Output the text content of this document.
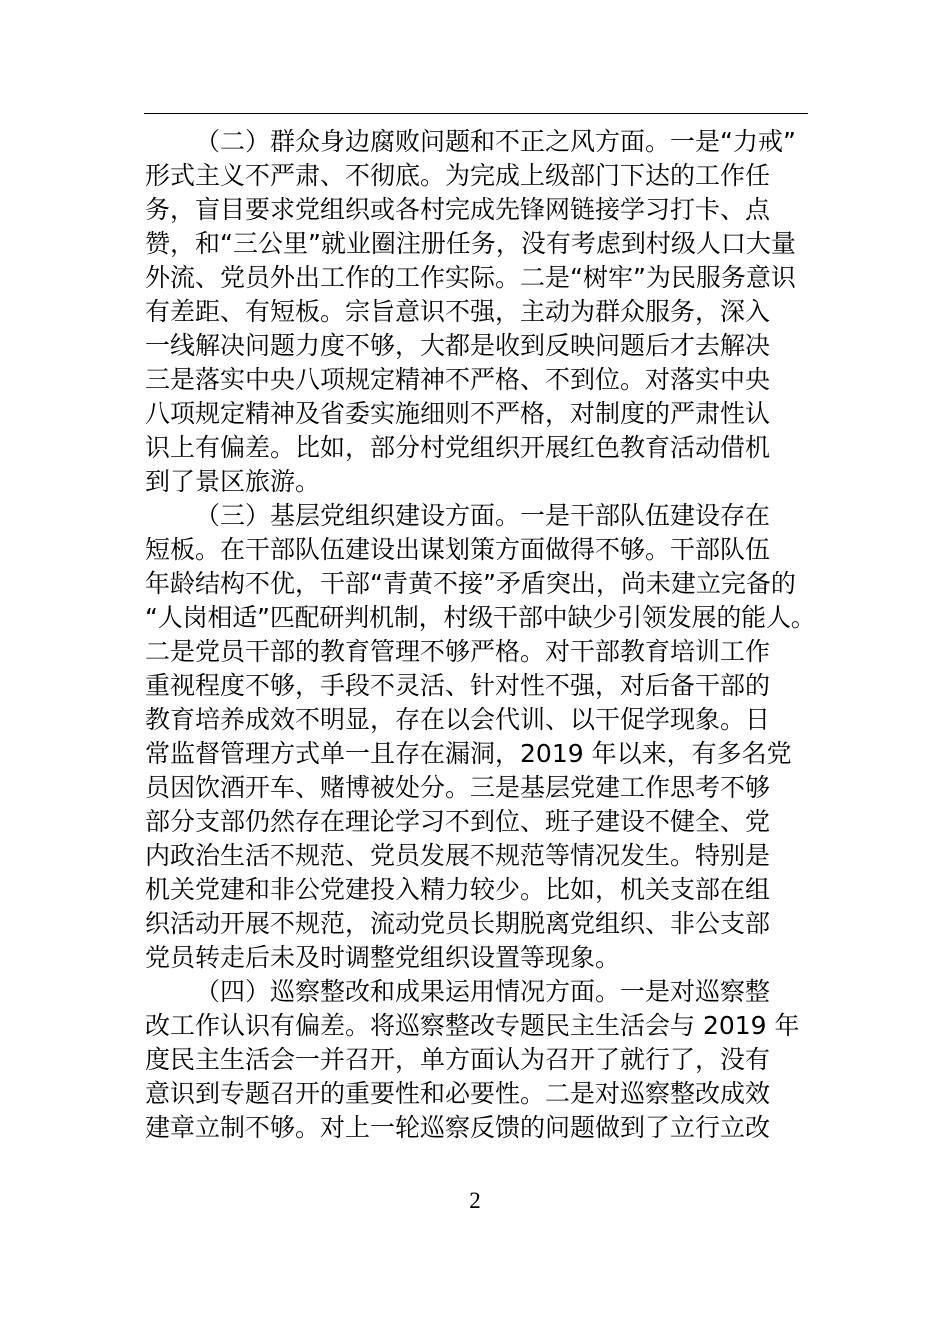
（二）群众身边腐败问题和不正之风方面。一是“力戒”
形式主义不严肃、不彻底。为完成上级部门下达的工作任
务，盲目要求党组织或各村完成先锋网链接学习打卡、点
赞，和“三公里”就业圈注册任务，没有考虑到村级人口大量
外流、党员外出工作的工作实际。二是“树牢”为民服务意识
有差距、有短板。宗旨意识不强，主动为群众服务，深入
一线解决问题力度不够，大都是收到反映问题后才去解决
三是落实中央八项规定精神不严格、不到位。对落实中央
八项规定精神及省委实施细则不严格，对制度的严肃性认
识上有偏差。比如，部分村党组织开展红色教育活动借机
到了景区旅游。
（三）基层党组织建设方面。一是干部队伍建设存在
短板。在干部队伍建设出谋划策方面做得不够。干部队伍
年龄结构不优，干部“青黄不接”矛盾突出，尚未建立完备的
“人岗相适”匹配研判机制，村级干部中缺少引领发展的能人。
二是党员干部的教育管理不够严格。对干部教育培训工作
重视程度不够，手段不灵活、针对性不强，对后备干部的
教育培养成效不明显，存在以会代训、以干促学现象。日
常监督管理方式单一且存在漏洞，2019 年以来，有多名党
员因饮酒开车、赌博被处分。三是基层党建工作思考不够
部分支部仍然存在理论学习不到位、班子建设不健全、党
内政治生活不规范、党员发展不规范等情况发生。特别是
机关党建和非公党建投入精力较少。比如，机关支部在组
织活动开展不规范，流动党员长期脱离党组织、非公支部
党员转走后未及时调整党组织设置等现象。
（四）巡察整改和成果运用情况方面。一是对巡察整
改工作认识有偏差。将巡察整改专题民主生活会与 2019 年
度民主生活会一并召开，单方面认为召开了就行了，没有
意识到专题召开的重要性和必要性。二是对巡察整改成效
建章立制不够。对上一轮巡察反馈的问题做到了立行立改
2
